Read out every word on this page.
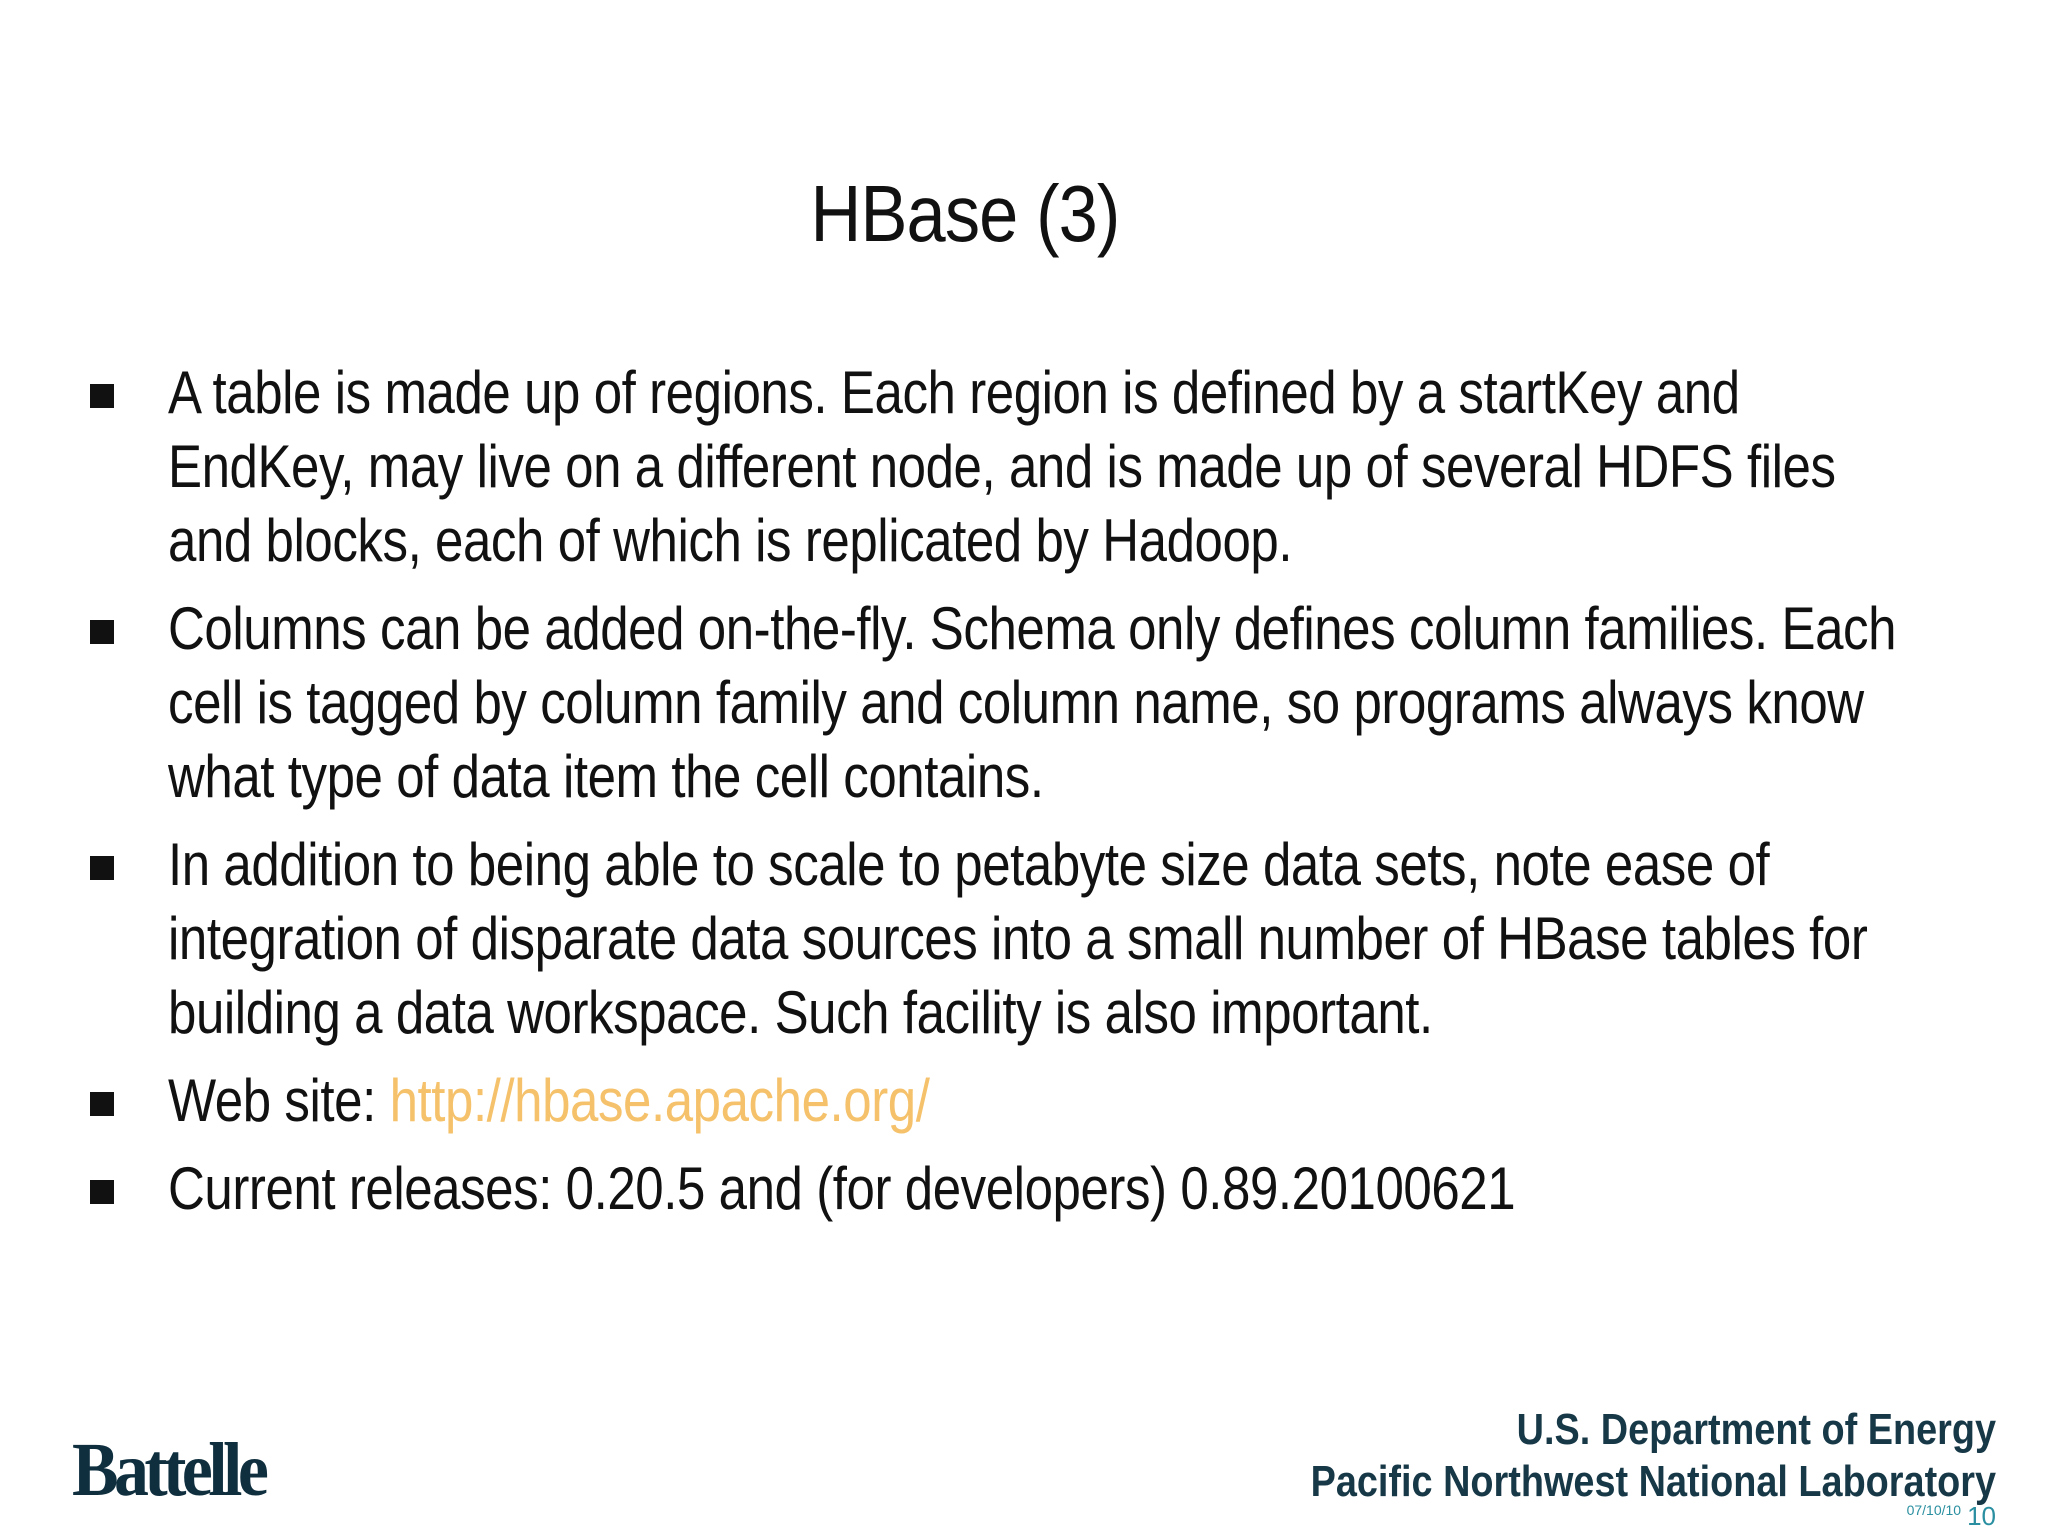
HBase (3)
A table is made up of regions. Each region is defined by a startKey and EndKey, may live on a different node, and is made up of several HDFS files and blocks, each of which is replicated by Hadoop.
Columns can be added on-the-fly. Schema only defines column families. Each cell is tagged by column family and column name, so programs always know what type of data item the cell contains.
In addition to being able to scale to petabyte size data sets, note ease of integration of disparate data sources into a small number of HBase tables for building a data workspace. Such facility is also important.
Web site: http://hbase.apache.org/
Current releases: 0.20.5 and (for developers) 0.89.20100621
Battelle	U.S. Department of Energy
Pacific Northwest National Laboratory
07/10/10 10
